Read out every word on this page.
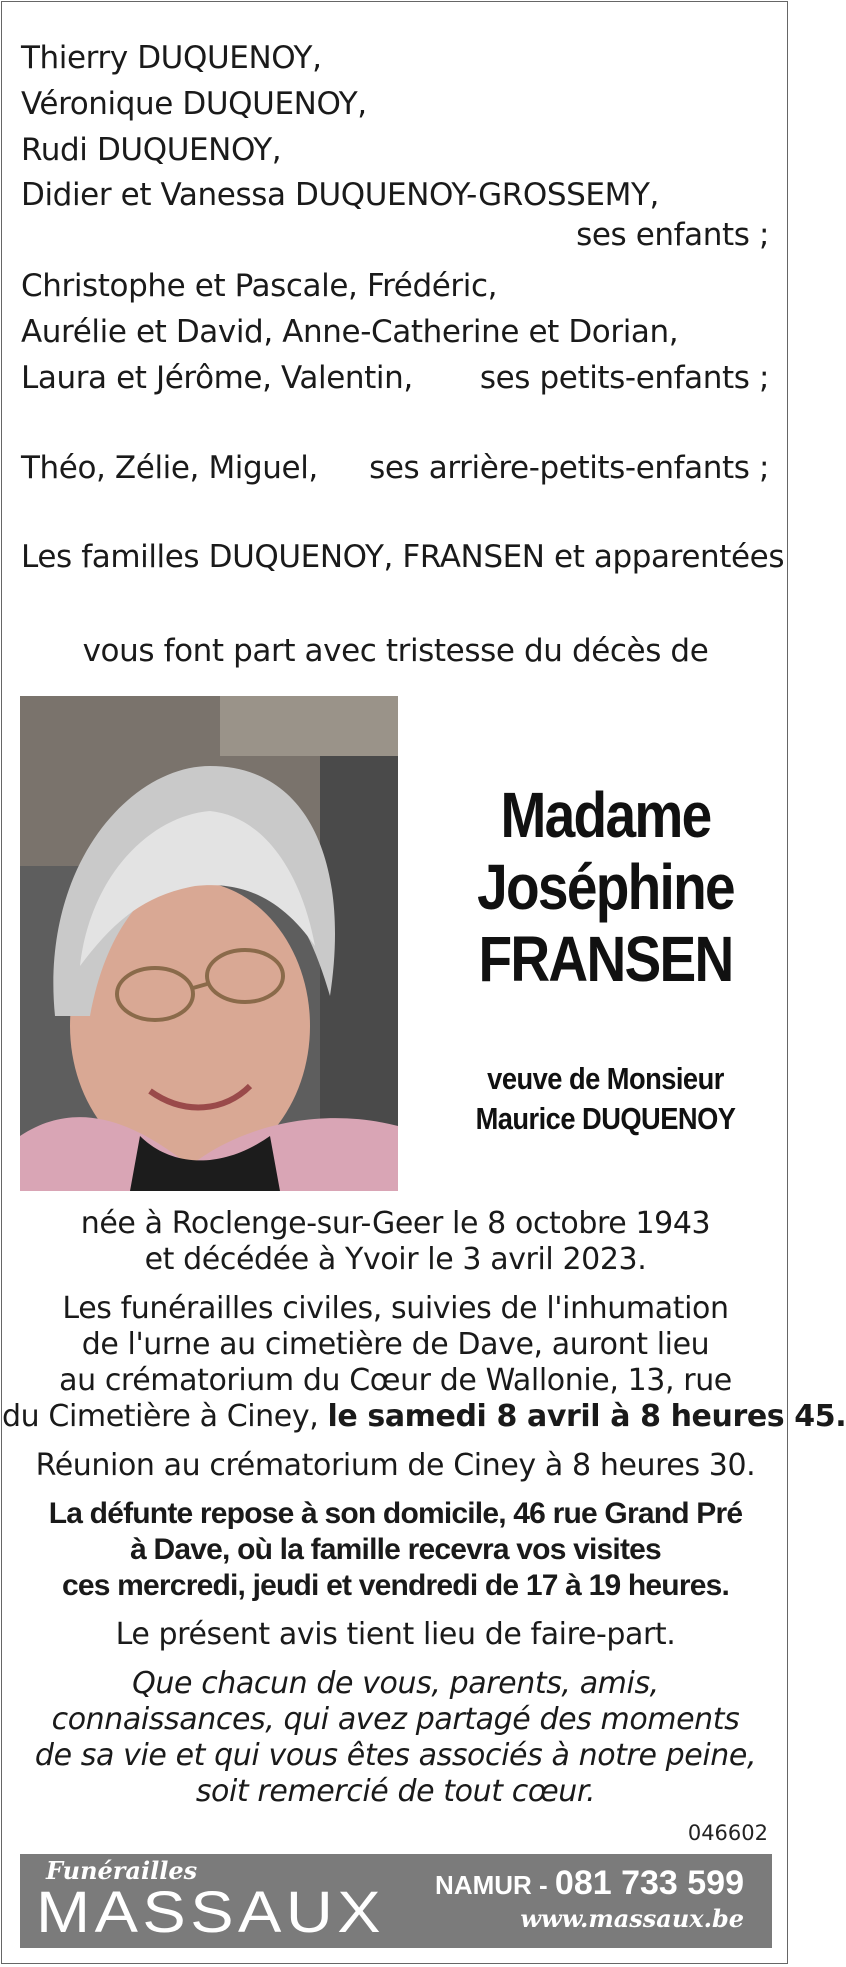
Thierry DUQUENOY,
Véronique DUQUENOY,
Rudi DUQUENOY,
Didier et Vanessa DUQUENOY-GROSSEMY,
ses enfants ;
Christophe et Pascale, Frédéric,
Aurélie et David, Anne-Catherine et Dorian,
Laura et Jérôme, Valentin, ses petits-enfants ;
Théo, Zélie, Miguel, ses arrière-petits-enfants ;
Les familles DUQUENOY, FRANSEN et apparentées
vous font part avec tristesse du décès de
Madame
Joséphine
FRANSEN
veuve de Monsieur
Maurice DUQUENOY
née à Roclenge-sur-Geer le 8 octobre 1943
et décédée à Yvoir le 3 avril 2023.
Les funérailles civiles, suivies de l'inhumation
de l'urne au cimetière de Dave, auront lieu
au crématorium du Cœur de Wallonie, 13, rue
du Cimetière à Ciney, le samedi 8 avril à 8 heures 45.
Réunion au crématorium de Ciney à 8 heures 30.
La défunte repose à son domicile, 46 rue Grand Pré
à Dave, où la famille recevra vos visites
ces mercredi, jeudi et vendredi de 17 à 19 heures.
Le présent avis tient lieu de faire-part.
Que chacun de vous, parents, amis,
connaissances, qui avez partagé des moments
de sa vie et qui vous êtes associés à notre peine,
soit remercié de tout cœur.
046602
Funérailles
MASSAUX NAMUR - 081 733 599
www.massaux.be
